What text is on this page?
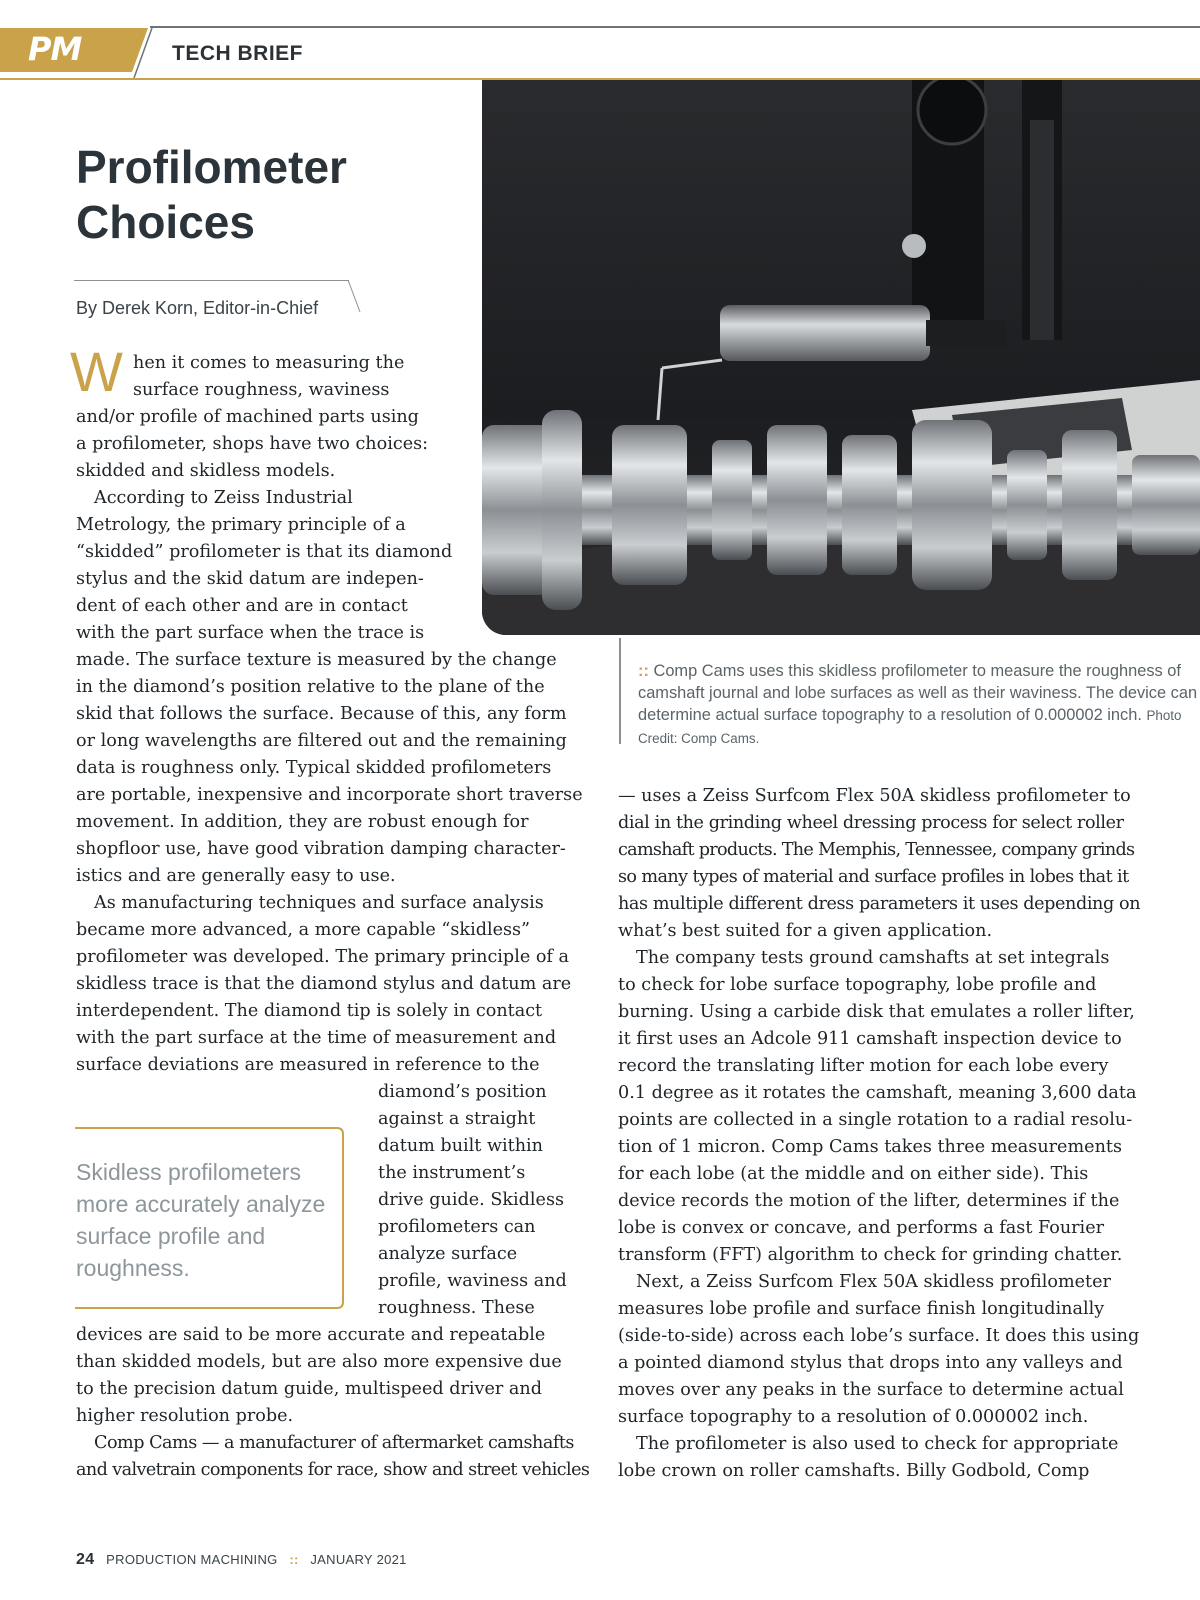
PM	TECH BRIEF
Profilometer
Choices
By Derek Korn, Editor-in-Chief
W hen it comes to measuring the
surface roughness, waviness
and/or profile of machined parts using
a profilometer, shops have two choices:
skidded and skidless models.
According to Zeiss Industrial
Metrology, the primary principle of a
“skidded” profilometer is that its diamond
stylus and the skid datum are indepen-
dent of each other and are in contact
with the part surface when the trace is
made. The surface texture is measured by the change
in the diamond’s position relative to the plane of the
skid that follows the surface. Because of this, any form
or long wavelengths are filtered out and the remaining
data is roughness only. Typical skidded profilometers
are portable, inexpensive and incorporate short traverse
movement. In addition, they are robust enough for
shopfloor use, have good vibration damping character-
istics and are generally easy to use.
As manufacturing techniques and surface analysis
became more advanced, a more capable “skidless”
profilometer was developed. The primary principle of a
skidless trace is that the diamond stylus and datum are
interdependent. The diamond tip is solely in contact
with the part surface at the time of measurement and
surface deviations are measured in reference to the
diamond’s position
against a straight
datum built within
the instrument’s
drive guide. Skidless
profilometers can
analyze surface
profile, waviness and
roughness. These
devices are said to be more accurate and repeatable
than skidded models, but are also more expensive due
to the precision datum guide, multispeed driver and
higher resolution probe.
Comp Cams — a manufacturer of aftermarket camshafts
and valvetrain components for race, show and street vehicles
Skidless profilometers more accurately analyze surface profile and roughness.
:: Comp Cams uses this skidless profilometer to measure the roughness of camshaft journal and lobe surfaces as well as their waviness. The device can determine actual surface topography to a resolution of 0.000002 inch. Photo Credit: Comp Cams.
— uses a Zeiss Surfcom Flex 50A skidless profilometer to
dial in the grinding wheel dressing process for select roller
camshaft products. The Memphis, Tennessee, company grinds
so many types of material and surface profiles in lobes that it
has multiple different dress parameters it uses depending on
what’s best suited for a given application.
The company tests ground camshafts at set integrals
to check for lobe surface topography, lobe profile and
burning. Using a carbide disk that emulates a roller lifter,
it first uses an Adcole 911 camshaft inspection device to
record the translating lifter motion for each lobe every
0.1 degree as it rotates the camshaft, meaning 3,600 data
points are collected in a single rotation to a radial resolu-
tion of 1 micron. Comp Cams takes three measurements
for each lobe (at the middle and on either side). This
device records the motion of the lifter, determines if the
lobe is convex or concave, and performs a fast Fourier
transform (FFT) algorithm to check for grinding chatter.
Next, a Zeiss Surfcom Flex 50A skidless profilometer
measures lobe profile and surface finish longitudinally
(side-to-side) across each lobe’s surface. It does this using
a pointed diamond stylus that drops into any valleys and
moves over any peaks in the surface to determine actual
surface topography to a resolution of 0.000002 inch.
The profilometer is also used to check for appropriate
lobe crown on roller camshafts. Billy Godbold, Comp
24 PRODUCTION MACHINING :: JANUARY 2021
